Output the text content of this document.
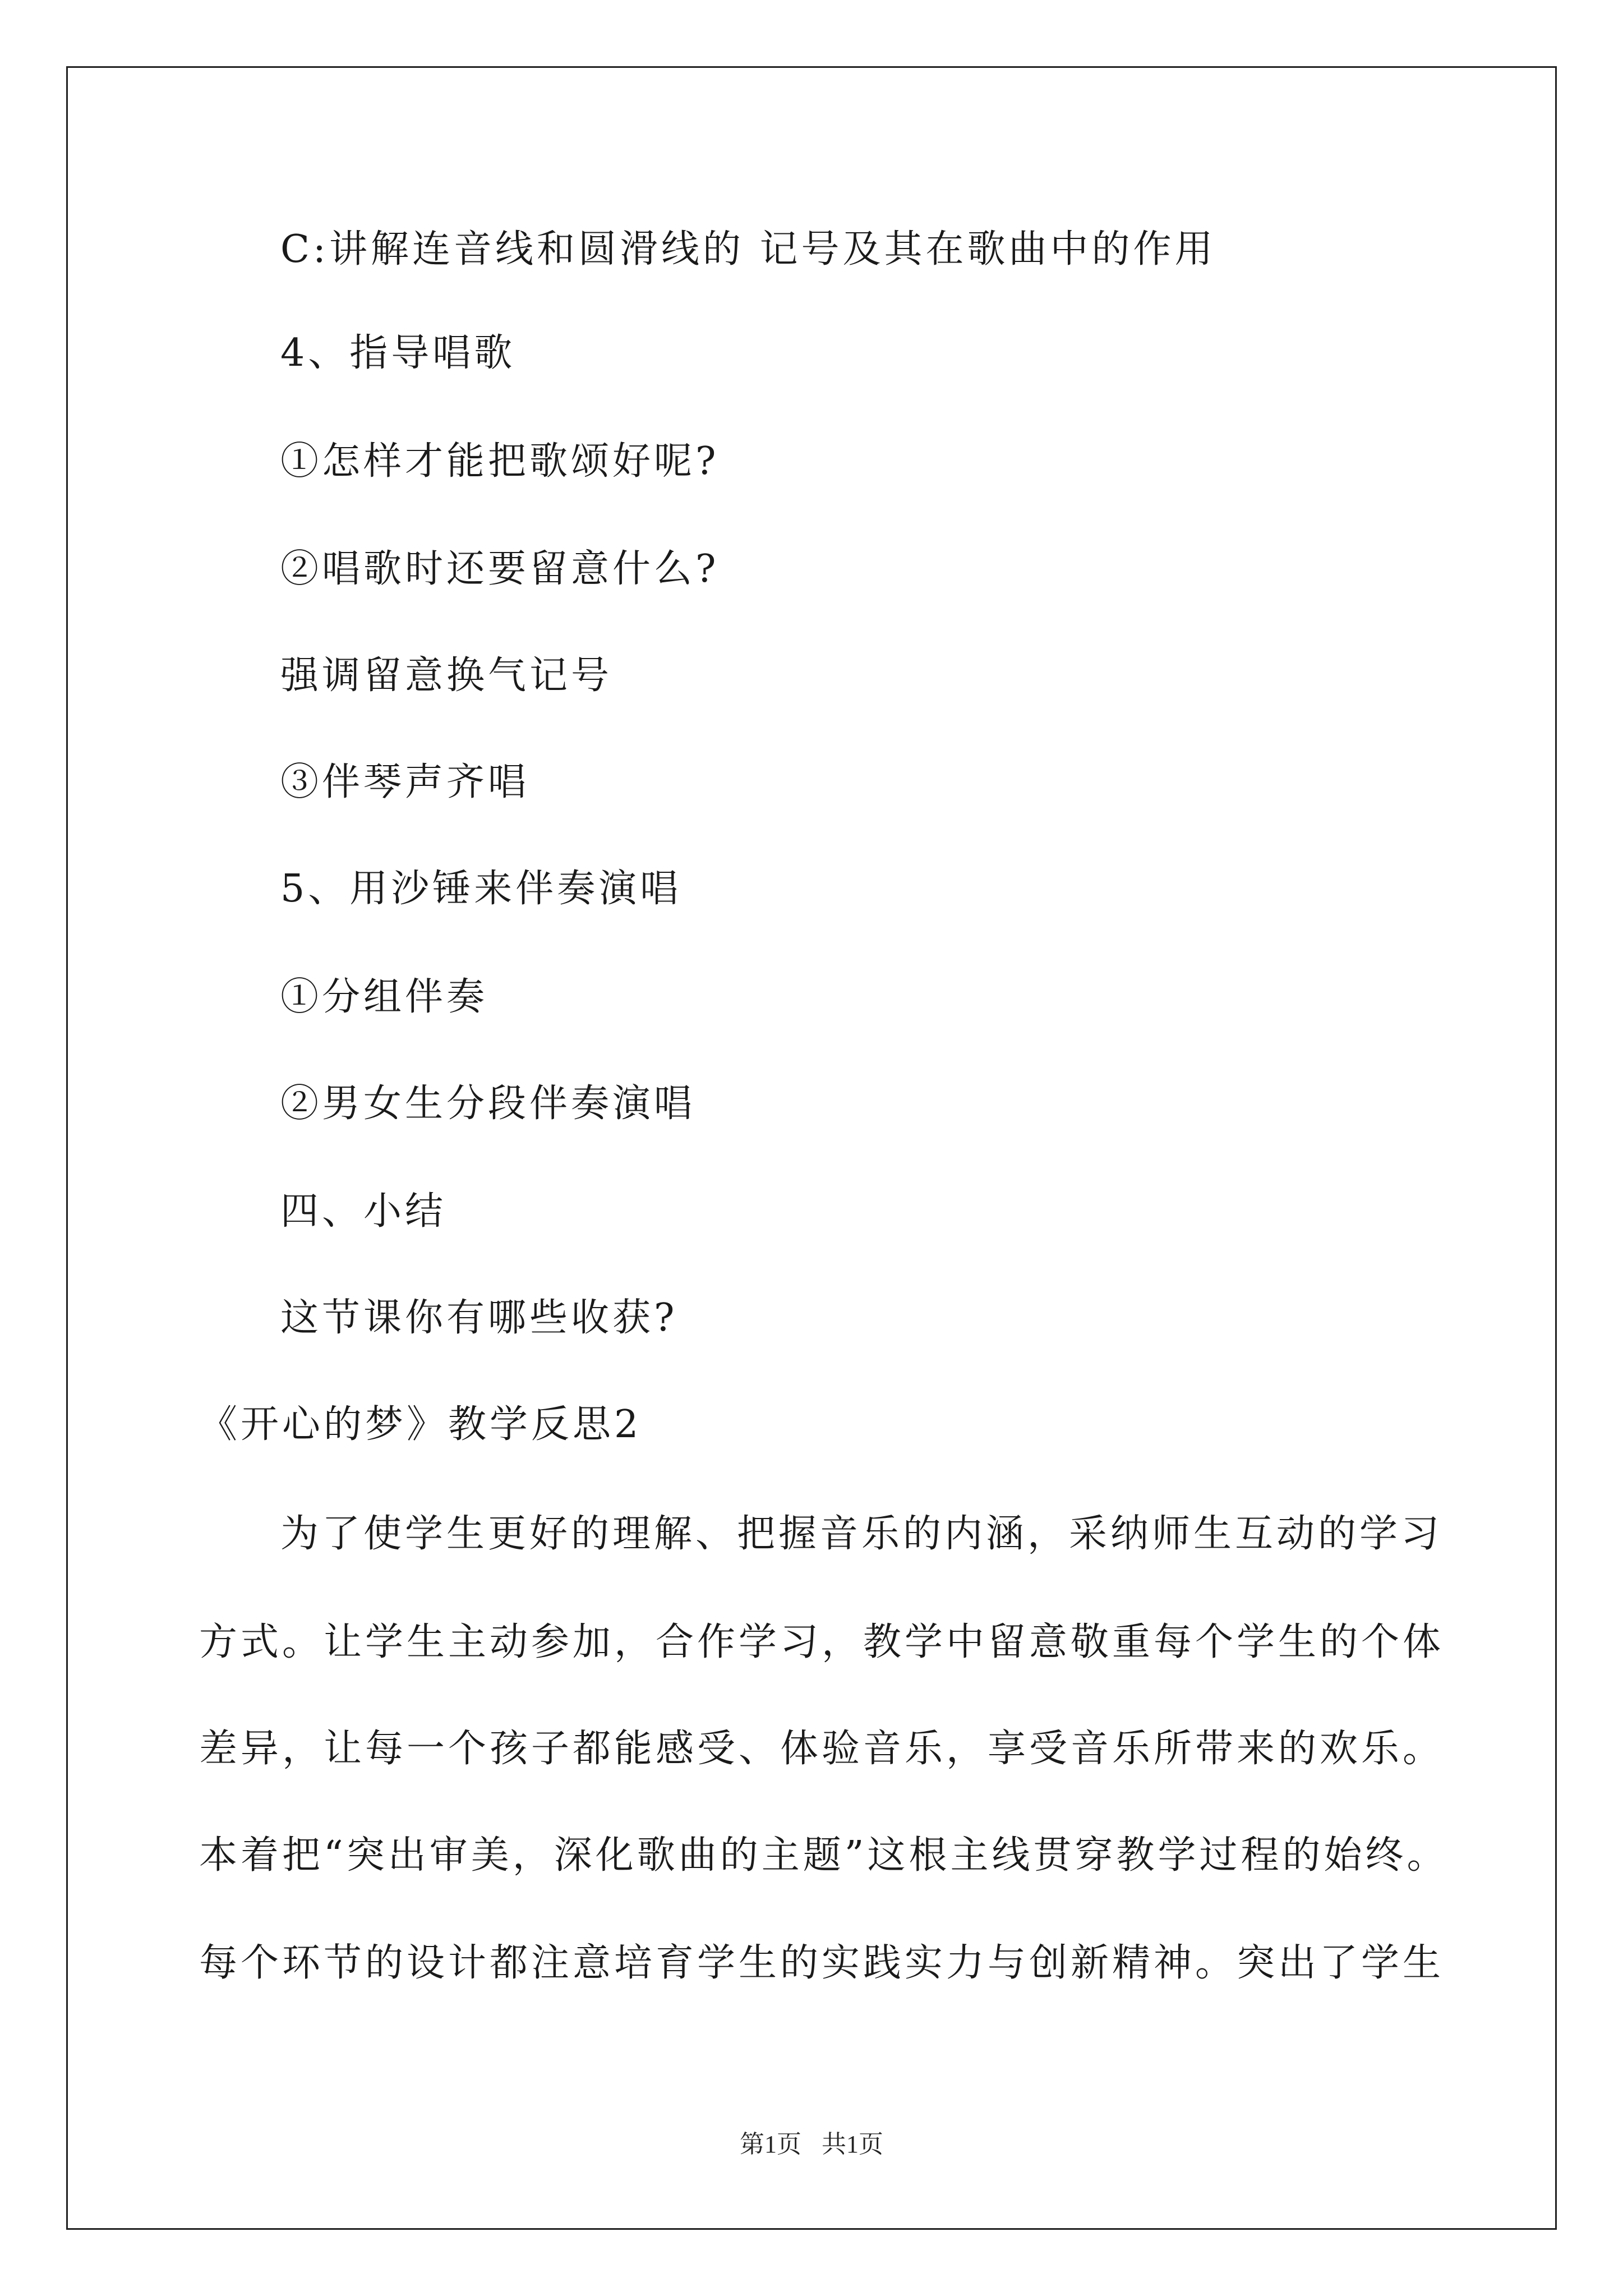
C:讲解连音线和圆滑线的 记号及其在歌曲中的作用
4、指导唱歌
①怎样才能把歌颂好呢?
②唱歌时还要留意什么?
强调留意换气记号
③伴琴声齐唱
5、用沙锤来伴奏演唱
①分组伴奏
②男女生分段伴奏演唱
四、小结
这节课你有哪些收获?
《开心的梦》教学反思2
为了使学生更好的理解、把握音乐的内涵，采纳师生互动的学习
方式。让学生主动参加，合作学习，教学中留意敬重每个学生的个体
差异，让每一个孩子都能感受、体验音乐，享受音乐所带来的欢乐。
本着把“突出审美，深化歌曲的主题”这根主线贯穿教学过程的始终。
每个环节的设计都注意培育学生的实践实力与创新精神。突出了学生
第1页 共1页
